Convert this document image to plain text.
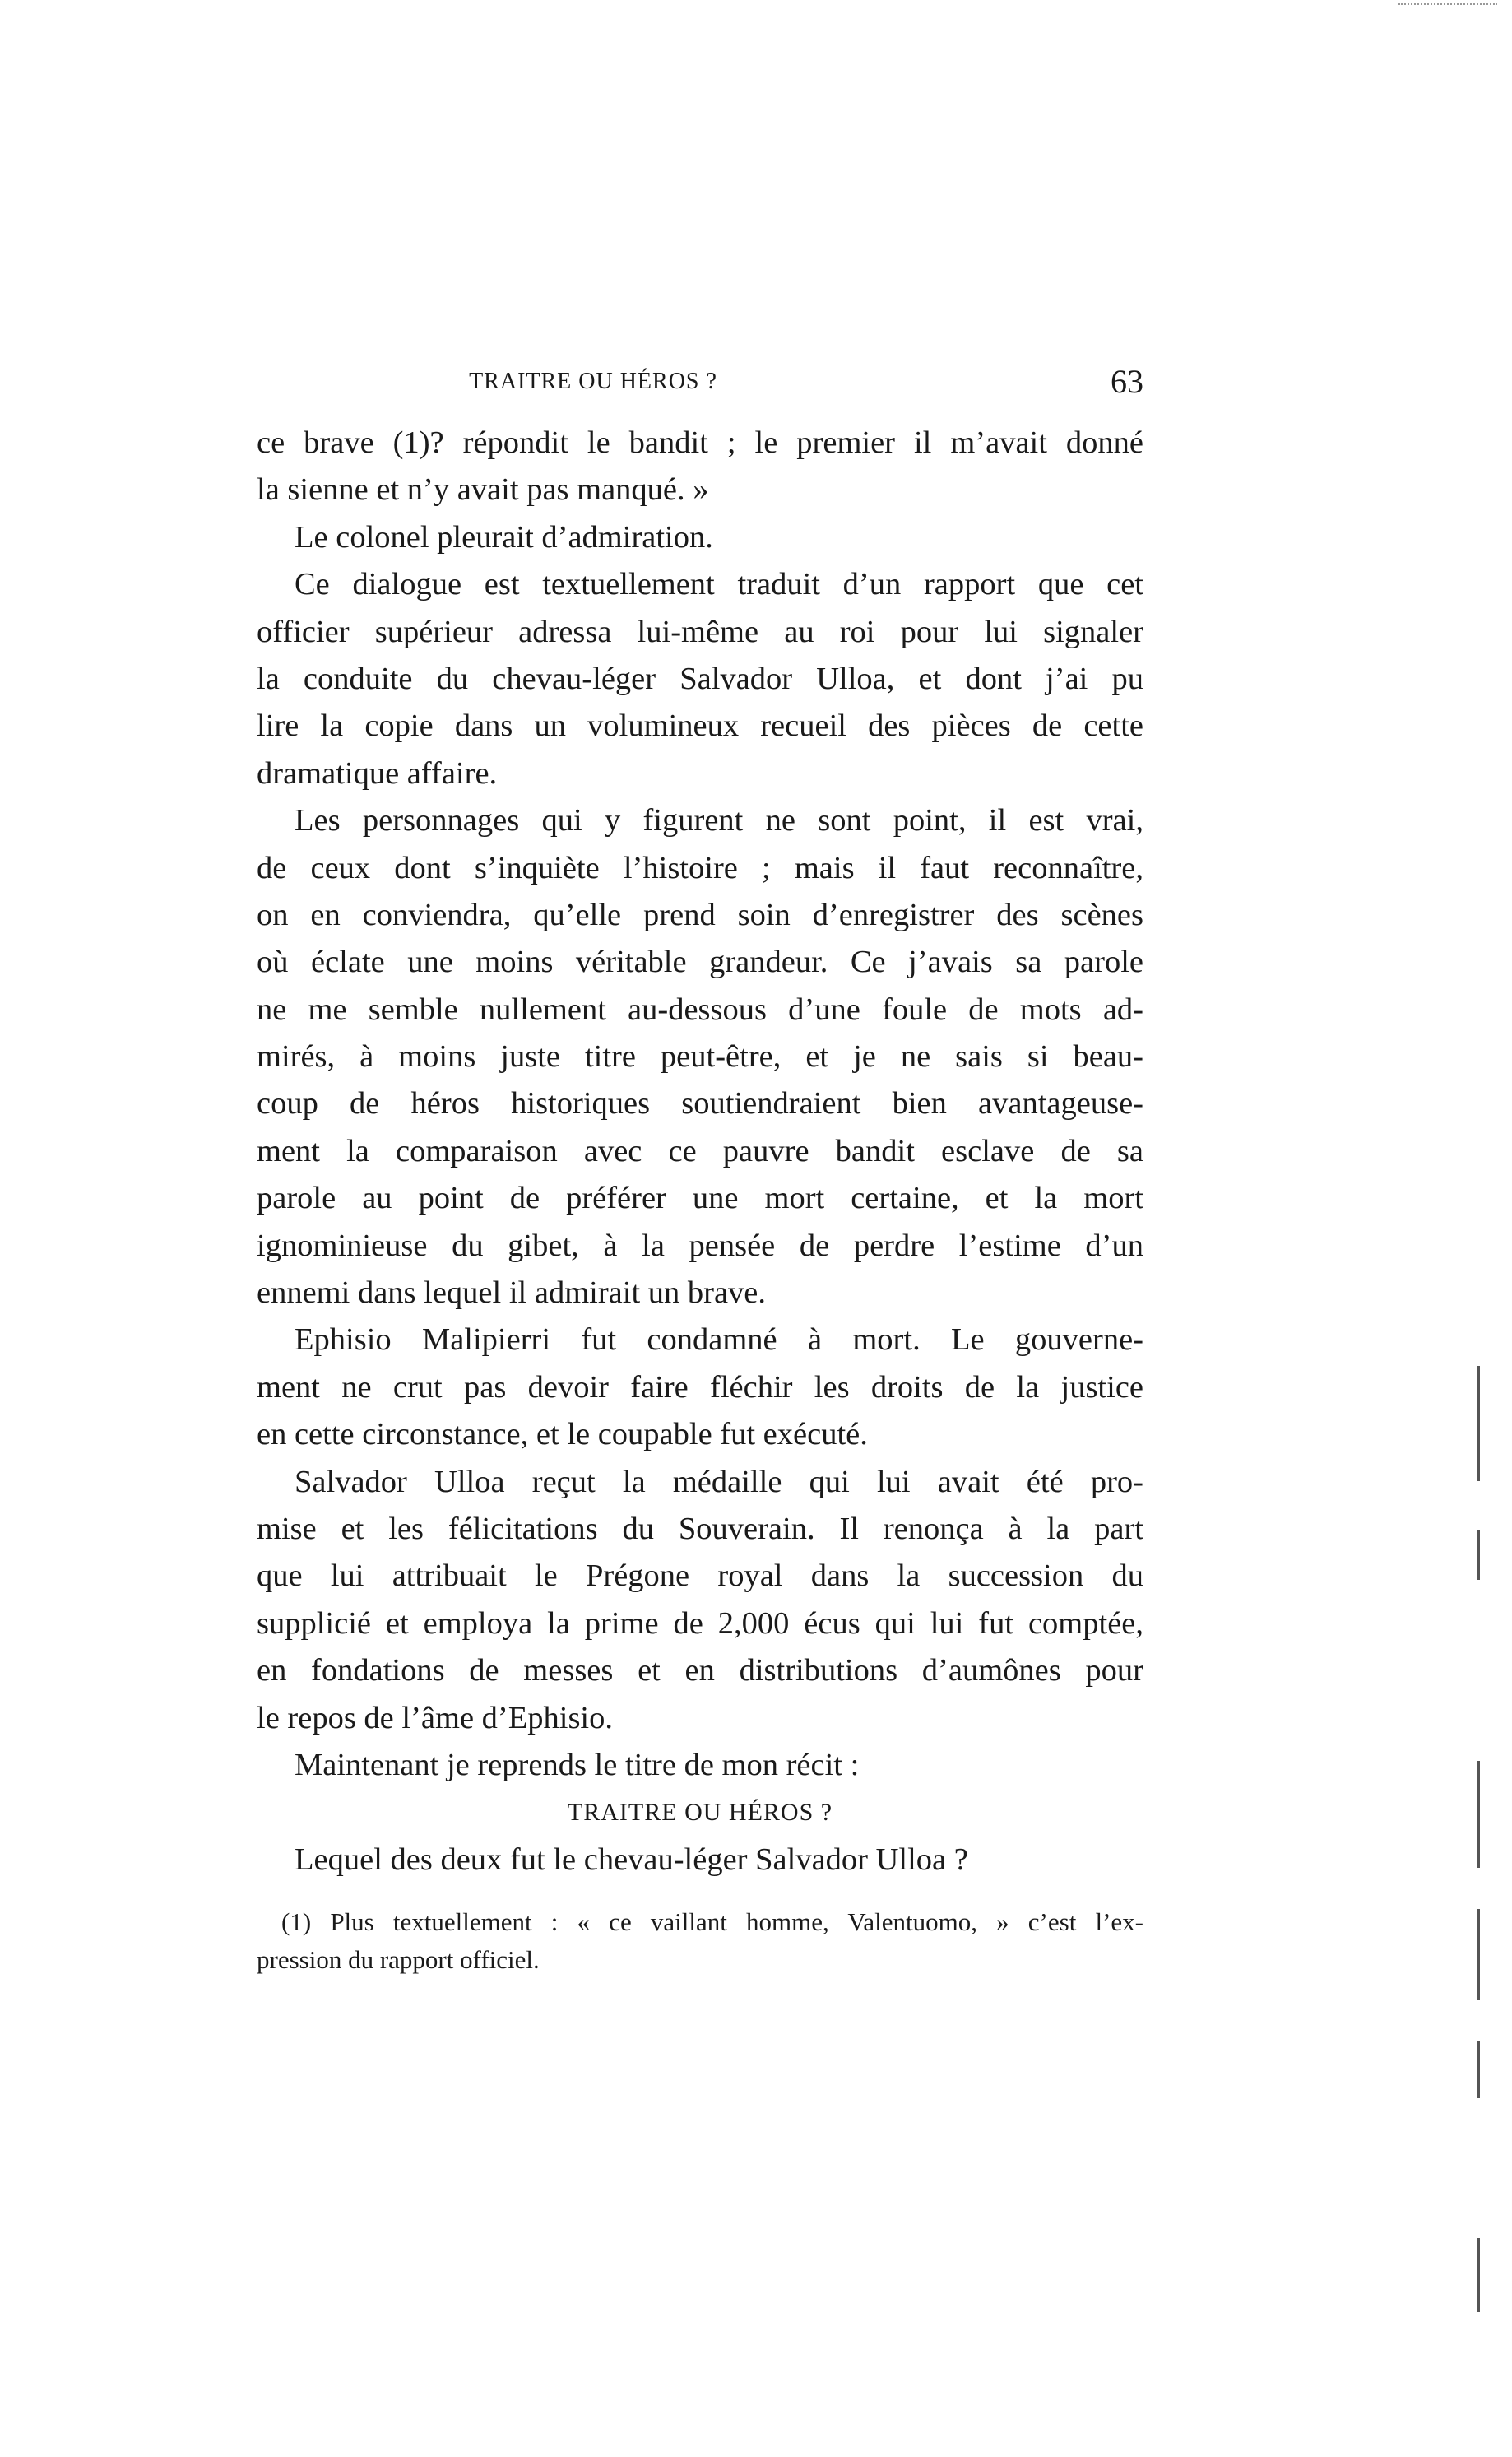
TRAITRE OU HÉROS ?	63
ce brave (1)? répondit le bandit ; le premier il m’avait donné
la sienne et n’y avait pas manqué. »
Le colonel pleurait d’admiration.
Ce dialogue est textuellement traduit d’un rapport que cet
officier supérieur adressa lui-même au roi pour lui signaler
la conduite du chevau-léger Salvador Ulloa, et dont j’ai pu
lire la copie dans un volumineux recueil des pièces de cette
dramatique affaire.
Les personnages qui y figurent ne sont point, il est vrai,
de ceux dont s’inquiète l’histoire ; mais il faut reconnaître,
on en conviendra, qu’elle prend soin d’enregistrer des scènes
où éclate une moins véritable grandeur. Ce j’avais sa parole
ne me semble nullement au-dessous d’une foule de mots ad-
mirés, à moins juste titre peut-être, et je ne sais si beau-
coup de héros historiques soutiendraient bien avantageuse-
ment la comparaison avec ce pauvre bandit esclave de sa
parole au point de préférer une mort certaine, et la mort
ignominieuse du gibet, à la pensée de perdre l’estime d’un
ennemi dans lequel il admirait un brave.
Ephisio Malipierri fut condamné à mort. Le gouverne-
ment ne crut pas devoir faire fléchir les droits de la justice
en cette circonstance, et le coupable fut exécuté.
Salvador Ulloa reçut la médaille qui lui avait été pro-
mise et les félicitations du Souverain. Il renonça à la part
que lui attribuait le Prégone royal dans la succession du
supplicié et employa la prime de 2,000 écus qui lui fut comptée,
en fondations de messes et en distributions d’aumônes pour
le repos de l’âme d’Ephisio.
Maintenant je reprends le titre de mon récit :
TRAITRE OU HÉROS ?
Lequel des deux fut le chevau-léger Salvador Ulloa ?
(1) Plus textuellement : « ce vaillant homme, Valentuomo, » c’est l’ex-
pression du rapport officiel.
